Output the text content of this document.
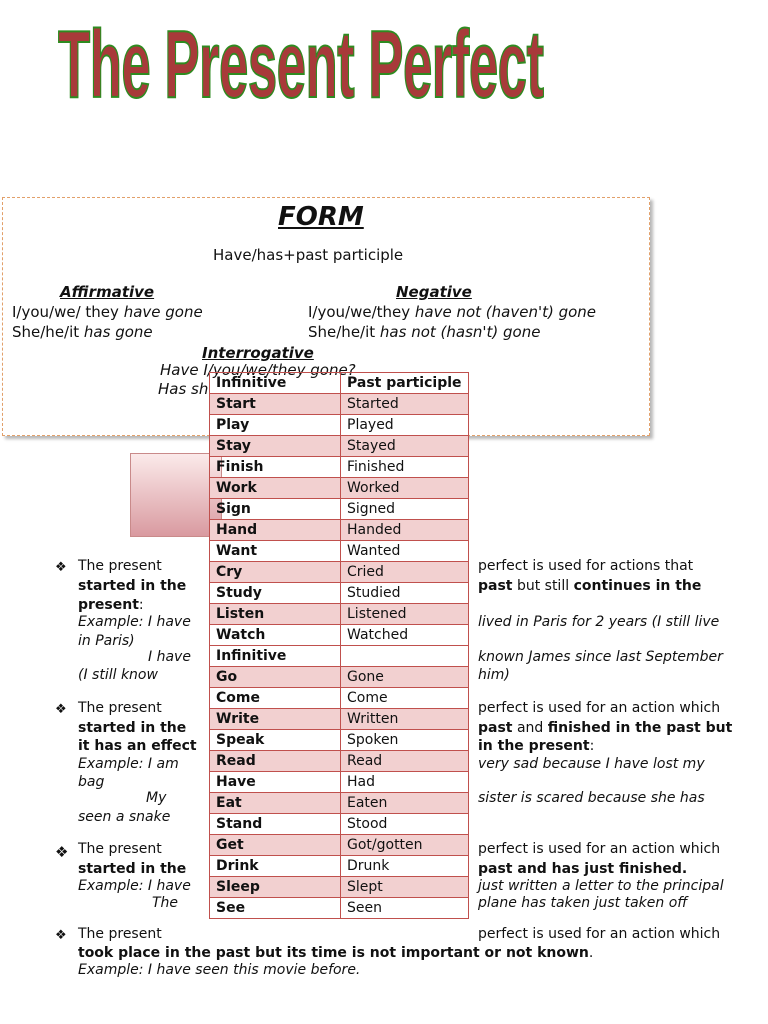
The Present Perfect
FORM
Have/has+past participle
Affirmative
I/you/we/ they have gone
She/he/it has gone
Negative
I/you/we/they have not (haven't) gone
She/he/it has not (hasn't) gone
Interrogative
Have I/you/we/they gone?
Has sh Infinitive	Past participle
Start	Started
Play	Played
Stay	Stayed
Finish	Finished
Work	Worked
Sign	Signed
Hand	Handed
Want	Wanted
Cry	Cried
Study	Studied
Listen	Listened
Watch	Watched
Infinitive	
Go	Gone
Come	Come
Write	Written
Speak	Spoken
Read	Read
Have	Had
Eat	Eaten
Stand	Stood
Get	Got/gotten
Drink	Drunk
Sleep	Slept
See	Seen
❖ The present	perfect is used for actions that
started in the	past but still continues in the
present:
Example: I have	lived in Paris for 2 years (I still live
in Paris)
I have	known James since last September
(I still know	him)
❖ The present	perfect is used for an action which
started in the	past and finished in the past but
it has an effect	in the present:
Example: I am	very sad because I have lost my
bag
My	sister is scared because she has
seen a snake
❖ The present	perfect is used for an action which
started in the	past and has just finished.
Example: I have	just written a letter to the principal
The	plane has taken just taken off
❖ The present	perfect is used for an action which
took place in the past but its time is not important or not known.
Example: I have seen this movie before.
